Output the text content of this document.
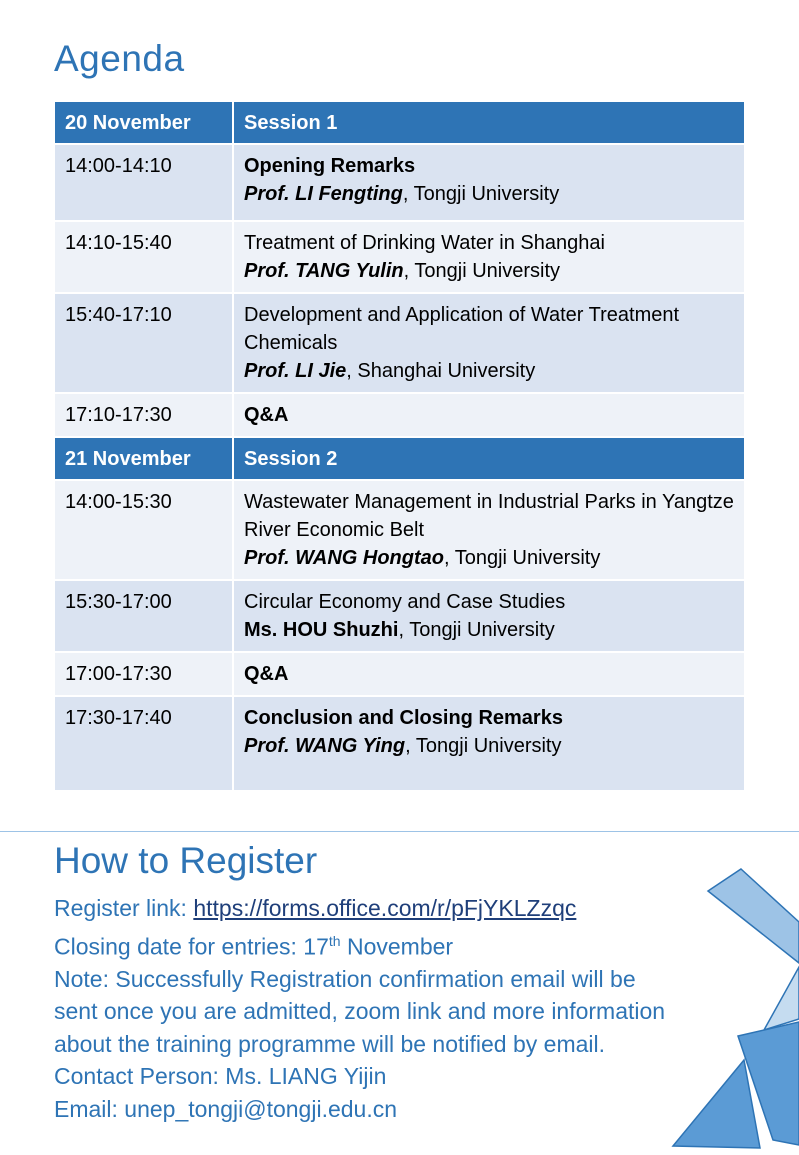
Agenda
20 November	Session 1
14:00-14:10	Opening Remarks
Prof. LI Fengting, Tongji University

14:10-15:40	Treatment of Drinking Water in Shanghai
Prof. TANG Yulin, Tongji University

15:40-17:10	Development and Application of Water Treatment Chemicals
Prof. LI Jie, Shanghai University

17:10-17:30	Q&A

21 November	Session 2
14:00-15:30	Wastewater Management in Industrial Parks in Yangtze River Economic Belt
Prof. WANG Hongtao, Tongji University

15:30-17:00	Circular Economy and Case Studies
Ms. HOU Shuzhi, Tongji University

17:00-17:30	Q&A

17:30-17:40	Conclusion and Closing Remarks
Prof. WANG Ying, Tongji University
How to Register
Register link: https://forms.office.com/r/pFjYKLZzqc
Closing date for entries: 17th November
Note: Successfully Registration confirmation email will be
sent once you are admitted, zoom link and more information
about the training programme will be notified by email.
Contact Person: Ms. LIANG Yijin
Email: unep_tongji@tongji.edu.cn
